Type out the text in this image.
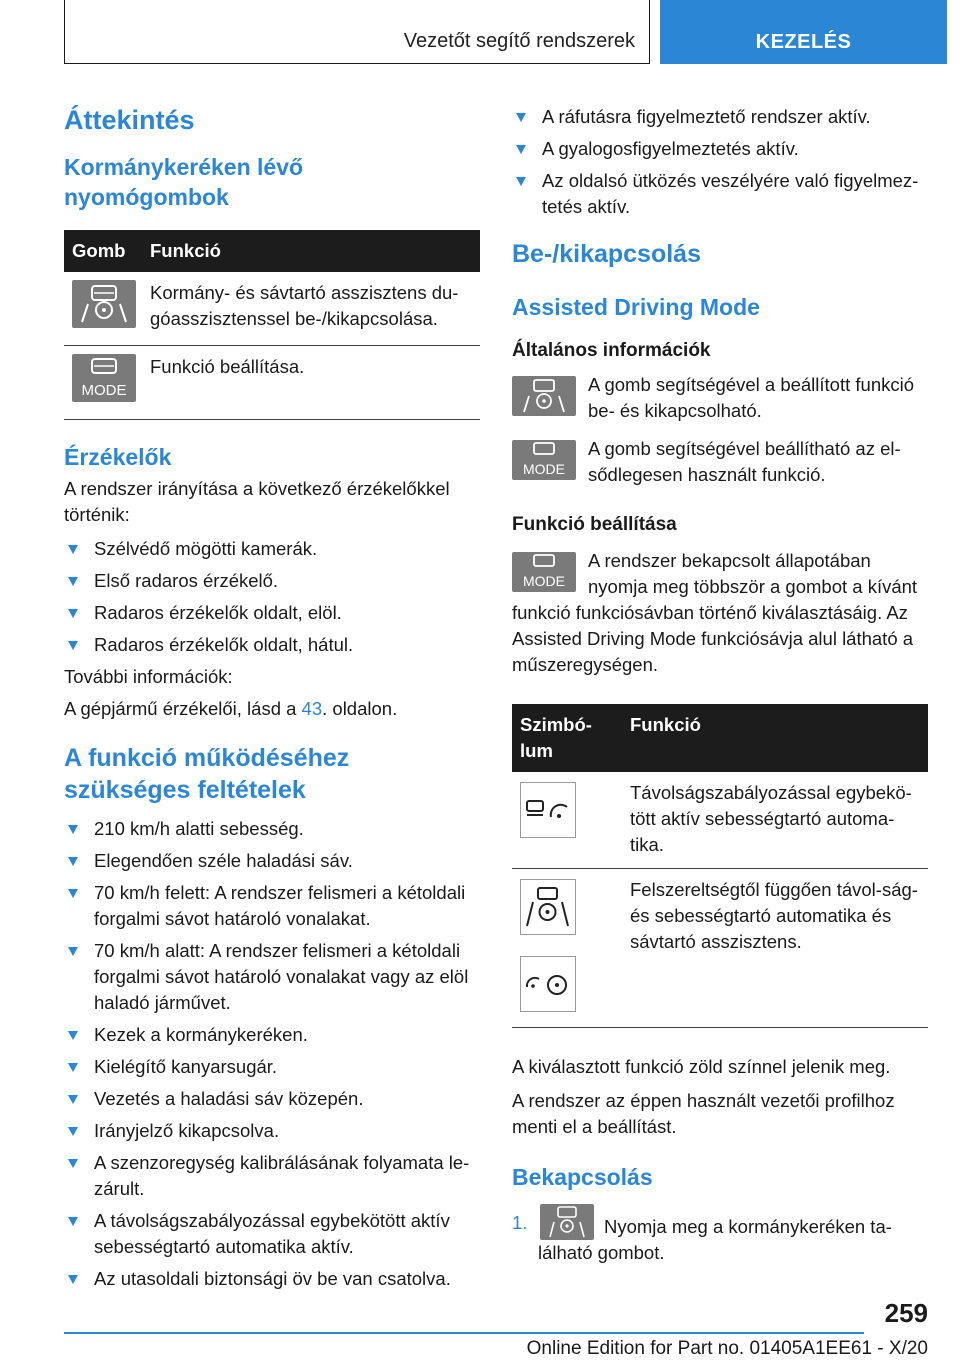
Vezetőt segítő rendszerek	KEZELÉS
Áttekintés
Kormánykeréken lévő nyomógombok
Gomb	Funkció

	Kormány- és sávtartó asszisztens du-góasszisztenssel be-/kikapcsolása.

MODE	Funkció beállítása.
Érzékelők

A rendszer irányítása a következő érzékelőkkel történik:

Szélvédő mögötti kamerák.
Első radaros érzékelő.
Radaros érzékelők oldalt, elöl.
Radaros érzékelők oldalt, hátul.

További információk:

A gépjármű érzékelői, lásd a 43. oldalon.

A funkció működéséhez szükséges feltételek
210 km/h alatti sebesség.
Elegendően széle haladási sáv.
70 km/h felett: A rendszer felismeri a kétoldali forgalmi sávot határoló vonalakat.
70 km/h alatt: A rendszer felismeri a kétoldali forgalmi sávot határoló vonalakat vagy az elöl haladó járművet.
Kezek a kormánykeréken.
Kielégítő kanyarsugár.
Vezetés a haladási sáv közepén.
Irányjelző kikapcsolva.
A szenzoregység kalibrálásának folyamata le-zárult.
A távolságszabályozással egybekötött aktív sebességtartó automatika aktív.
Az utasoldali biztonsági öv be van csatolva.
A ráfutásra figyelmeztető rendszer aktív.
A gyalogosfigyelmeztetés aktív.
Az oldalsó ütközés veszélyére való figyelmez-tetés aktív.
Be-/kikapcsolás
Assisted Driving Mode
Általános információk

A gomb segítségével a beállított funkció be- és kikapcsolható.

MODE

A gomb segítségével beállítható az el-sődlegesen használt funkció.

Funkció beállítása
MODE

A rendszer bekapcsolt állapotában nyomja meg többször a gombot a kívánt funkció funkciósávban történő kiválasztásáig. Az Assisted Driving Mode funkciósávja alul látható a műszeregységen.

Szimbó-lum	Funkció
	Távolságszabályozással egybekö-tött aktív sebességtartó automa-tika.

	Felszereltségtől függően távol-ság- és sebességtartó automatika és sávtartó asszisztens.

A kiválasztott funkció zöld színnel jelenik meg.

A rendszer az éppen használt vezetői profilhoz menti el a beállítást.

Bekapcsolás
1.	Nyomja meg a kormánykeréken ta-lálható gombot.

259
Online Edition for Part no. 01405A1EE61 - X/20
